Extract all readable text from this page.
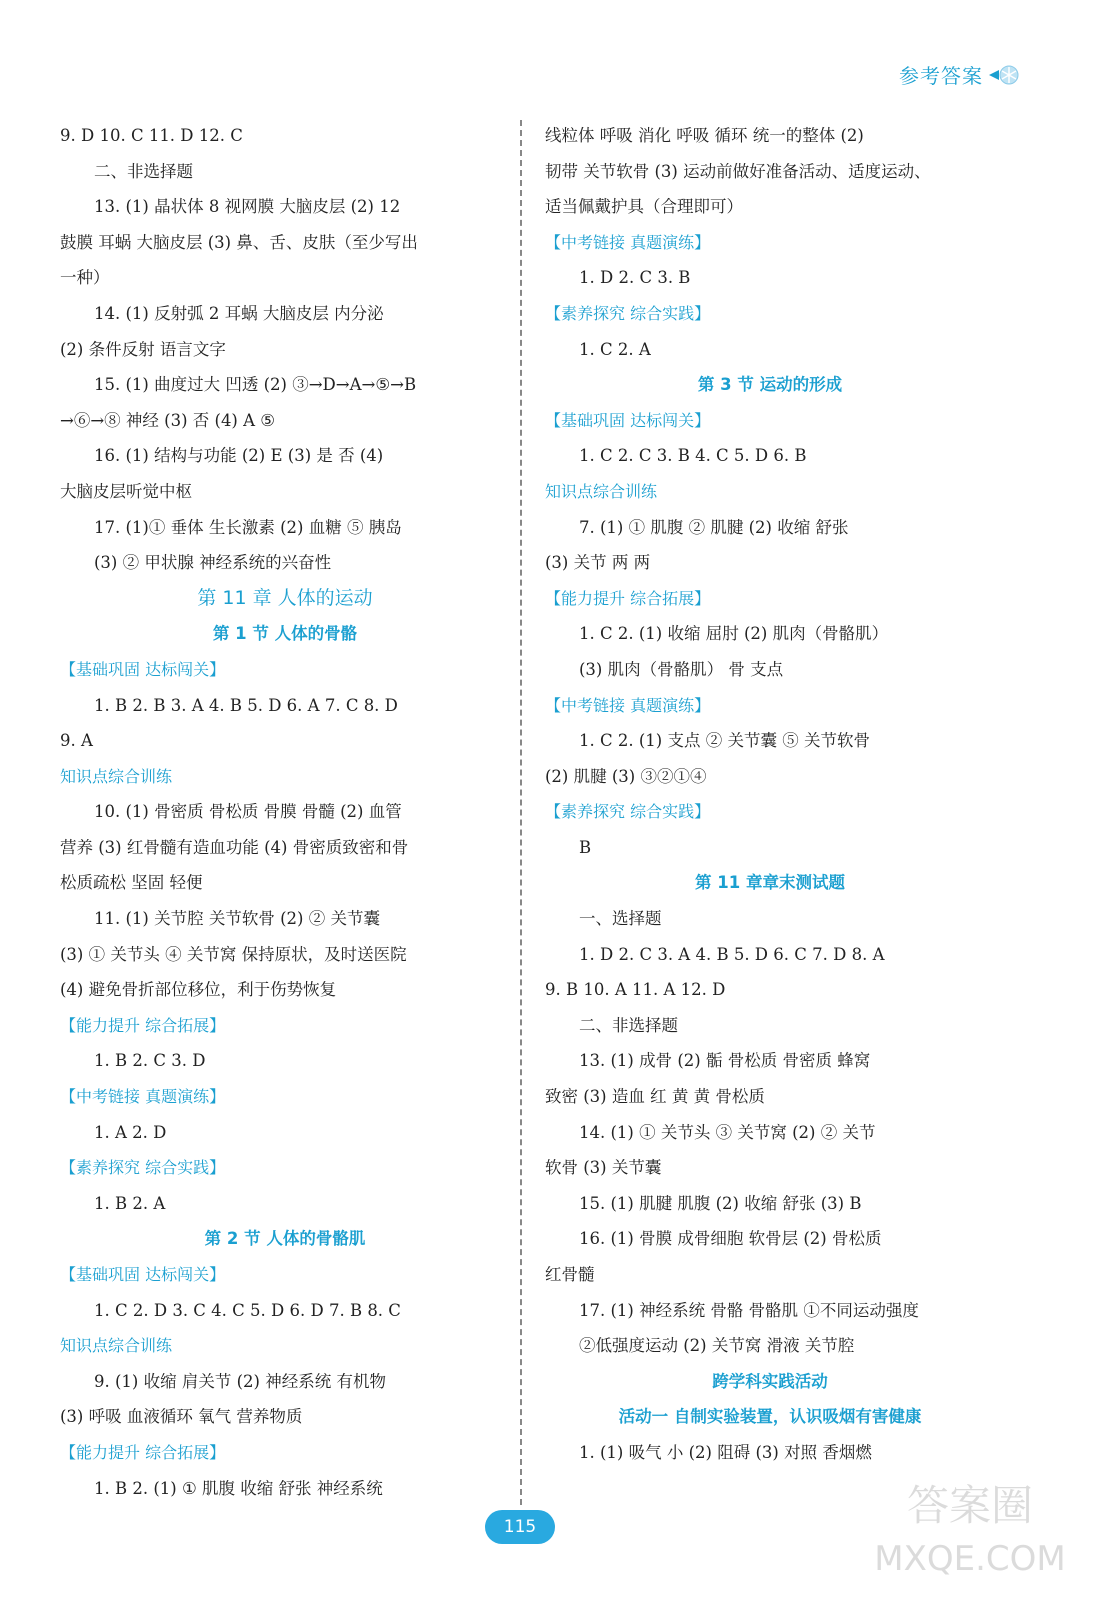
参考答案
9. D 10. C 11. D 12. C
二、非选择题
13. (1) 晶状体 8 视网膜 大脑皮层 (2) 12
鼓膜 耳蜗 大脑皮层 (3) 鼻、舌、皮肤（至少写出
一种）
14. (1) 反射弧 2 耳蜗 大脑皮层 内分泌
(2) 条件反射 语言文字
15. (1) 曲度过大 凹透 (2) ③→D→A→⑤→B
→⑥→⑧ 神经 (3) 否 (4) A ⑤
16. (1) 结构与功能 (2) E (3) 是 否 (4)
大脑皮层听觉中枢
17. (1)① 垂体 生长激素 (2) 血糖 ⑤ 胰岛
(3) ② 甲状腺 神经系统的兴奋性
第 11 章 人体的运动
第 1 节 人体的骨骼
【基础巩固 达标闯关】
1. B 2. B 3. A 4. B 5. D 6. A 7. C 8. D
9. A
知识点综合训练
10. (1) 骨密质 骨松质 骨膜 骨髓 (2) 血管
营养 (3) 红骨髓有造血功能 (4) 骨密质致密和骨
松质疏松 坚固 轻便
11. (1) 关节腔 关节软骨 (2) ② 关节囊
(3) ① 关节头 ④ 关节窝 保持原状，及时送医院
(4) 避免骨折部位移位，利于伤势恢复
【能力提升 综合拓展】
1. B 2. C 3. D
【中考链接 真题演练】
1. A 2. D
【素养探究 综合实践】
1. B 2. A
第 2 节 人体的骨骼肌
【基础巩固 达标闯关】
1. C 2. D 3. C 4. C 5. D 6. D 7. B 8. C
知识点综合训练
9. (1) 收缩 肩关节 (2) 神经系统 有机物
(3) 呼吸 血液循环 氧气 营养物质
【能力提升 综合拓展】
1. B 2. (1) ① 肌腹 收缩 舒张 神经系统
线粒体 呼吸 消化 呼吸 循环 统一的整体 (2)
韧带 关节软骨 (3) 运动前做好准备活动、适度运动、
适当佩戴护具（合理即可）
【中考链接 真题演练】
1. D 2. C 3. B
【素养探究 综合实践】
1. C 2. A
第 3 节 运动的形成
【基础巩固 达标闯关】
1. C 2. C 3. B 4. C 5. D 6. B
知识点综合训练
7. (1) ① 肌腹 ② 肌腱 (2) 收缩 舒张
(3) 关节 两 两
【能力提升 综合拓展】
1. C 2. (1) 收缩 屈肘 (2) 肌肉（骨骼肌）
(3) 肌肉（骨骼肌） 骨 支点
【中考链接 真题演练】
1. C 2. (1) 支点 ② 关节囊 ⑤ 关节软骨
(2) 肌腱 (3) ③②①④
【素养探究 综合实践】
B
第 11 章章末测试题
一、选择题
1. D 2. C 3. A 4. B 5. D 6. C 7. D 8. A
9. B 10. A 11. A 12. D
二、非选择题
13. (1) 成骨 (2) 骺 骨松质 骨密质 蜂窝
致密 (3) 造血 红 黄 黄 骨松质
14. (1) ① 关节头 ③ 关节窝 (2) ② 关节
软骨 (3) 关节囊
15. (1) 肌腱 肌腹 (2) 收缩 舒张 (3) B
16. (1) 骨膜 成骨细胞 软骨层 (2) 骨松质
红骨髓
17. (1) 神经系统 骨骼 骨骼肌 ①不同运动强度
②低强度运动 (2) 关节窝 滑液 关节腔
跨学科实践活动
活动一 自制实验装置，认识吸烟有害健康
1. (1) 吸气 小 (2) 阻碍 (3) 对照 香烟燃
115	答案圈
MXQE.COM
